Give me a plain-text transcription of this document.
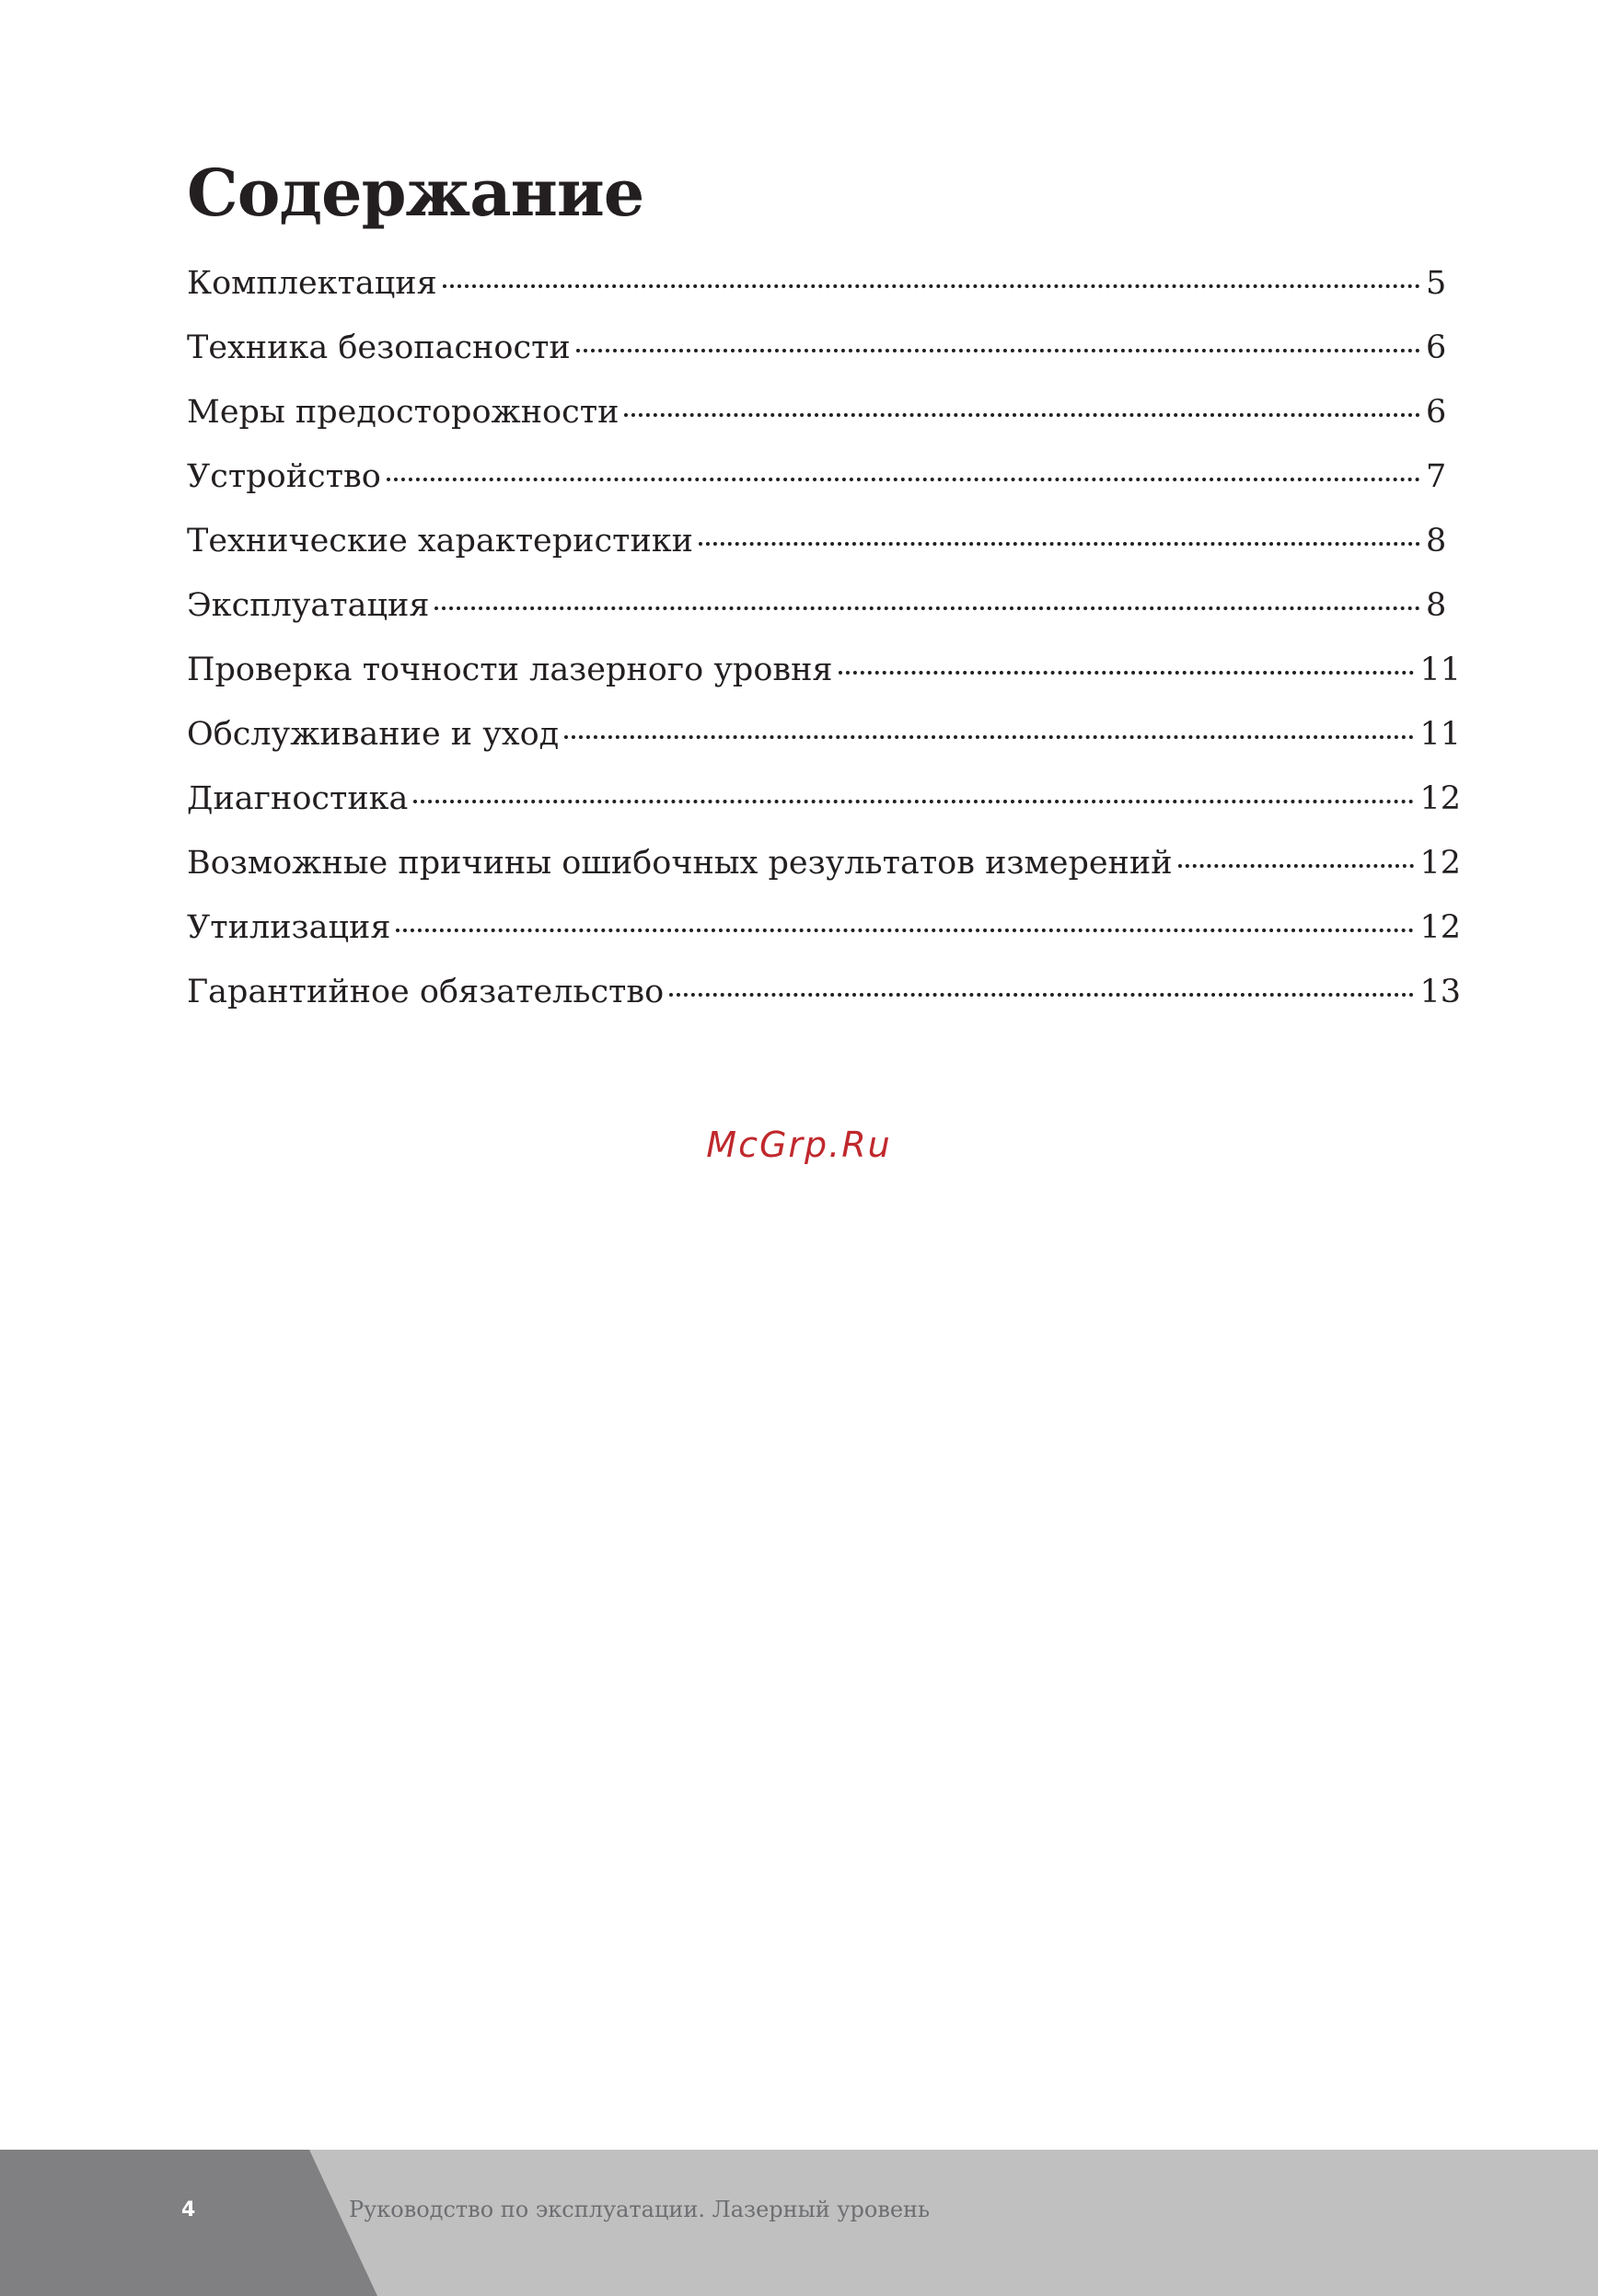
Содержание
Комплектация	5
Техника безопасности	6
Меры предосторожности	6
Устройство	7
Технические характеристики	8
Эксплуатация	8
Проверка точности лазерного уровня	11
Обслуживание и уход	11
Диагностика	12
Возможные причины ошибочных результатов измерений	12
Утилизация	12
Гарантийное обязательство	13
McGrp.Ru
4	Руководство по эксплуатации. Лазерный уровень
